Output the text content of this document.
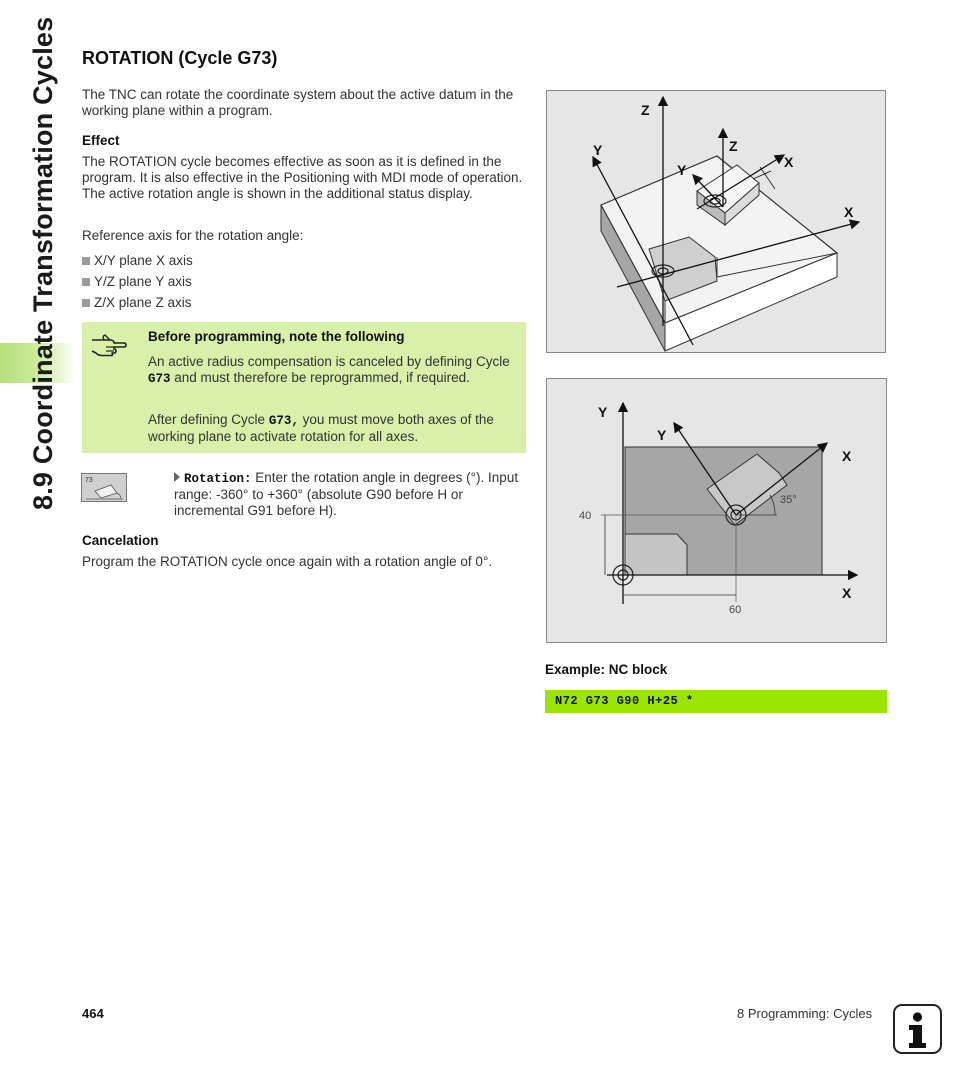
8.9 Coordinate Transformation Cycles ROTATION (Cycle G73)

The TNC can rotate the coordinate system about the active datum in the working plane within a program.

Effect

The ROTATION cycle becomes effective as soon as it is defined in the program. It is also effective in the Positioning with MDI mode of operation. The active rotation angle is shown in the additional status display.

Reference axis for the rotation angle:

X/Y plane X axis
Y/Z plane Y axis
Z/X plane Z axis
Before programming, note the following
An active radius compensation is canceled by defining Cycle G73 and must therefore be reprogrammed, if required.
After defining Cycle G73, you must move both axes of the working plane to activate rotation for all axes.
73	Rotation: Enter the rotation angle in degrees (°). Input range: -360° to +360° (absolute G90 before H or incremental G91 before H).
Cancelation

Program the ROTATION cycle once again with a rotation angle of 0°.

Z
Y	Z
Y	X
X
Y
Y
X
X
35°
40
60
Example: NC block
N72 G73 G90 H+25 *
464	8 Programming: Cycles
